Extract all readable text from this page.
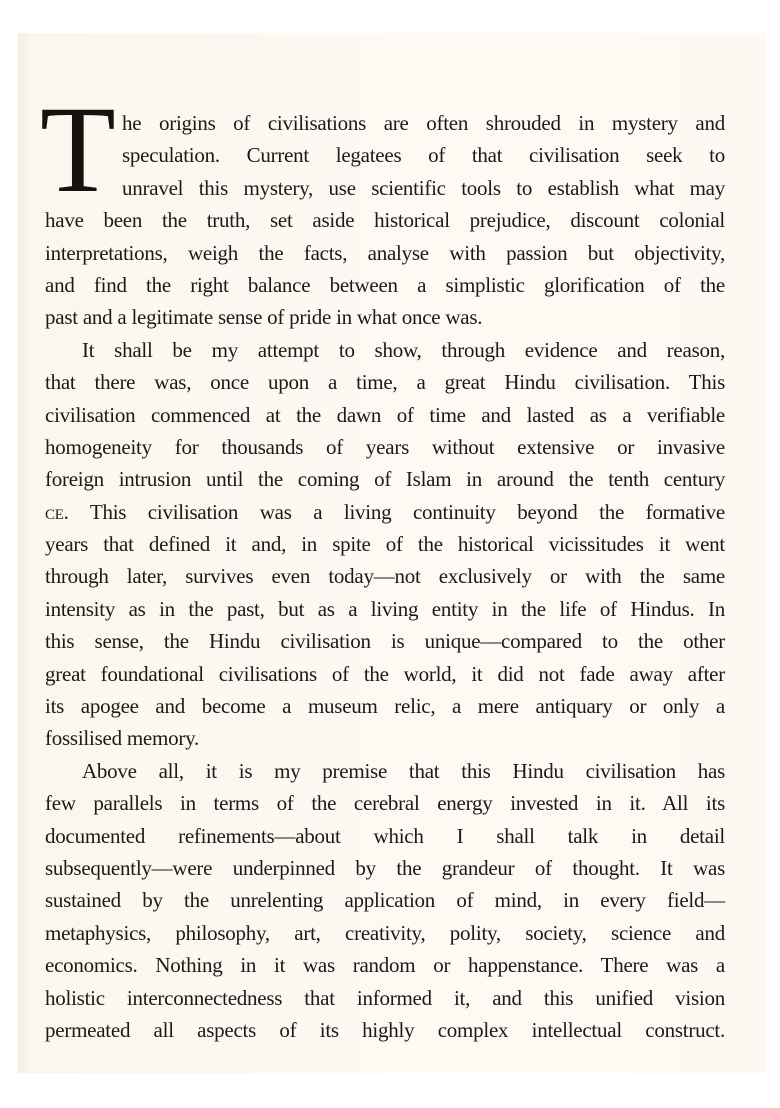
T he origins of civilisations are often shrouded in mystery and
speculation. Current legatees of that civilisation seek to
unravel this mystery, use scientific tools to establish what may
have been the truth, set aside historical prejudice, discount colonial
interpretations, weigh the facts, analyse with passion but objectivity,
and find the right balance between a simplistic glorification of the
past and a legitimate sense of pride in what once was.
It shall be my attempt to show, through evidence and reason,
that there was, once upon a time, a great Hindu civilisation. This
civilisation commenced at the dawn of time and lasted as a verifiable
homogeneity for thousands of years without extensive or invasive
foreign intrusion until the coming of Islam in around the tenth century
ce. This civilisation was a living continuity beyond the formative
years that defined it and, in spite of the historical vicissitudes it went
through later, survives even today—not exclusively or with the same
intensity as in the past, but as a living entity in the life of Hindus. In
this sense, the Hindu civilisation is unique—compared to the other
great foundational civilisations of the world, it did not fade away after
its apogee and become a museum relic, a mere antiquary or only a
fossilised memory.
Above all, it is my premise that this Hindu civilisation has
few parallels in terms of the cerebral energy invested in it. All its
documented refinements—about which I shall talk in detail
subsequently—were underpinned by the grandeur of thought. It was
sustained by the unrelenting application of mind, in every field—
metaphysics, philosophy, art, creativity, polity, society, science and
economics. Nothing in it was random or happenstance. There was a
holistic interconnectedness that informed it, and this unified vision
permeated all aspects of its highly complex intellectual construct.
